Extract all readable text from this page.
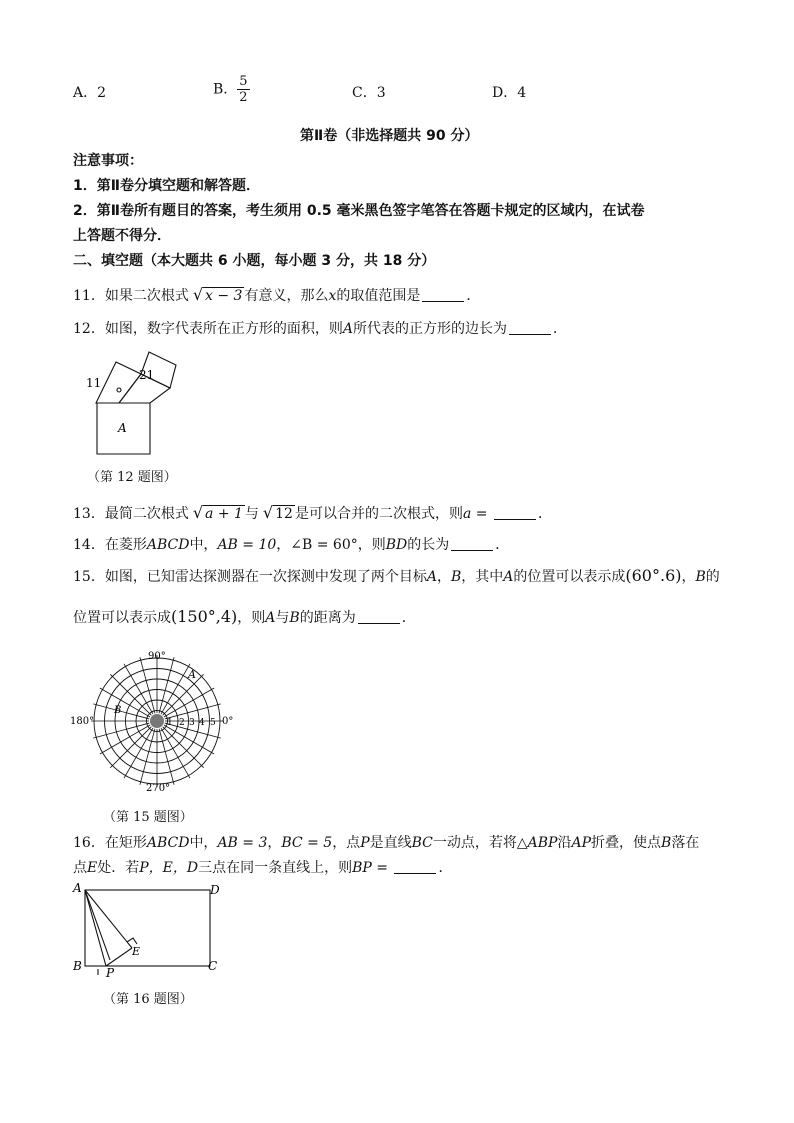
A．2	B． $\frac{5}{2}$	C．3	D．4
第Ⅱ卷（非选择题共 90 分）
注意事项：
1．第Ⅱ卷分填空题和解答题．
2．第Ⅱ卷所有题目的答案，考生须用 0.5 毫米黑色签字笔答在答题卡规定的区域内，在试卷
上答题不得分．
二、填空题（本大题共 6 小题，每小题 3 分，共 18 分）
11．如果二次根式 √ x − 3 有意义，那么x的取值范围是	．
12．如图，数字代表所在正方形的面积，则A所代表的正方形的边长为	．
11
21
A
（第 12 题图）
13．最简二次根式 √ a + 1 与 √ 12 是可以合并的二次根式，则a =	．
14．在菱形ABCD中，AB = 10，∠B = 60°，则BD的长为	．
15．如图，已知雷达探测器在一次探测中发现了两个目标A，B，其中A的位置可以表示成(60°.6)，B的
位置可以表示成(150°,4)，则A与B的距离为	．
90°
180°	0°
270°
A
B
1 2 3 4 5
（第 15 题图）
16．在矩形ABCD中，AB = 3，BC = 5，点P是直线BC一动点，若将△ABP沿AP折叠，使点B落在
点E处．若P，E，D三点在同一条直线上，则BP =	．
A
B	C
D
E
P
（第 16 题图）
